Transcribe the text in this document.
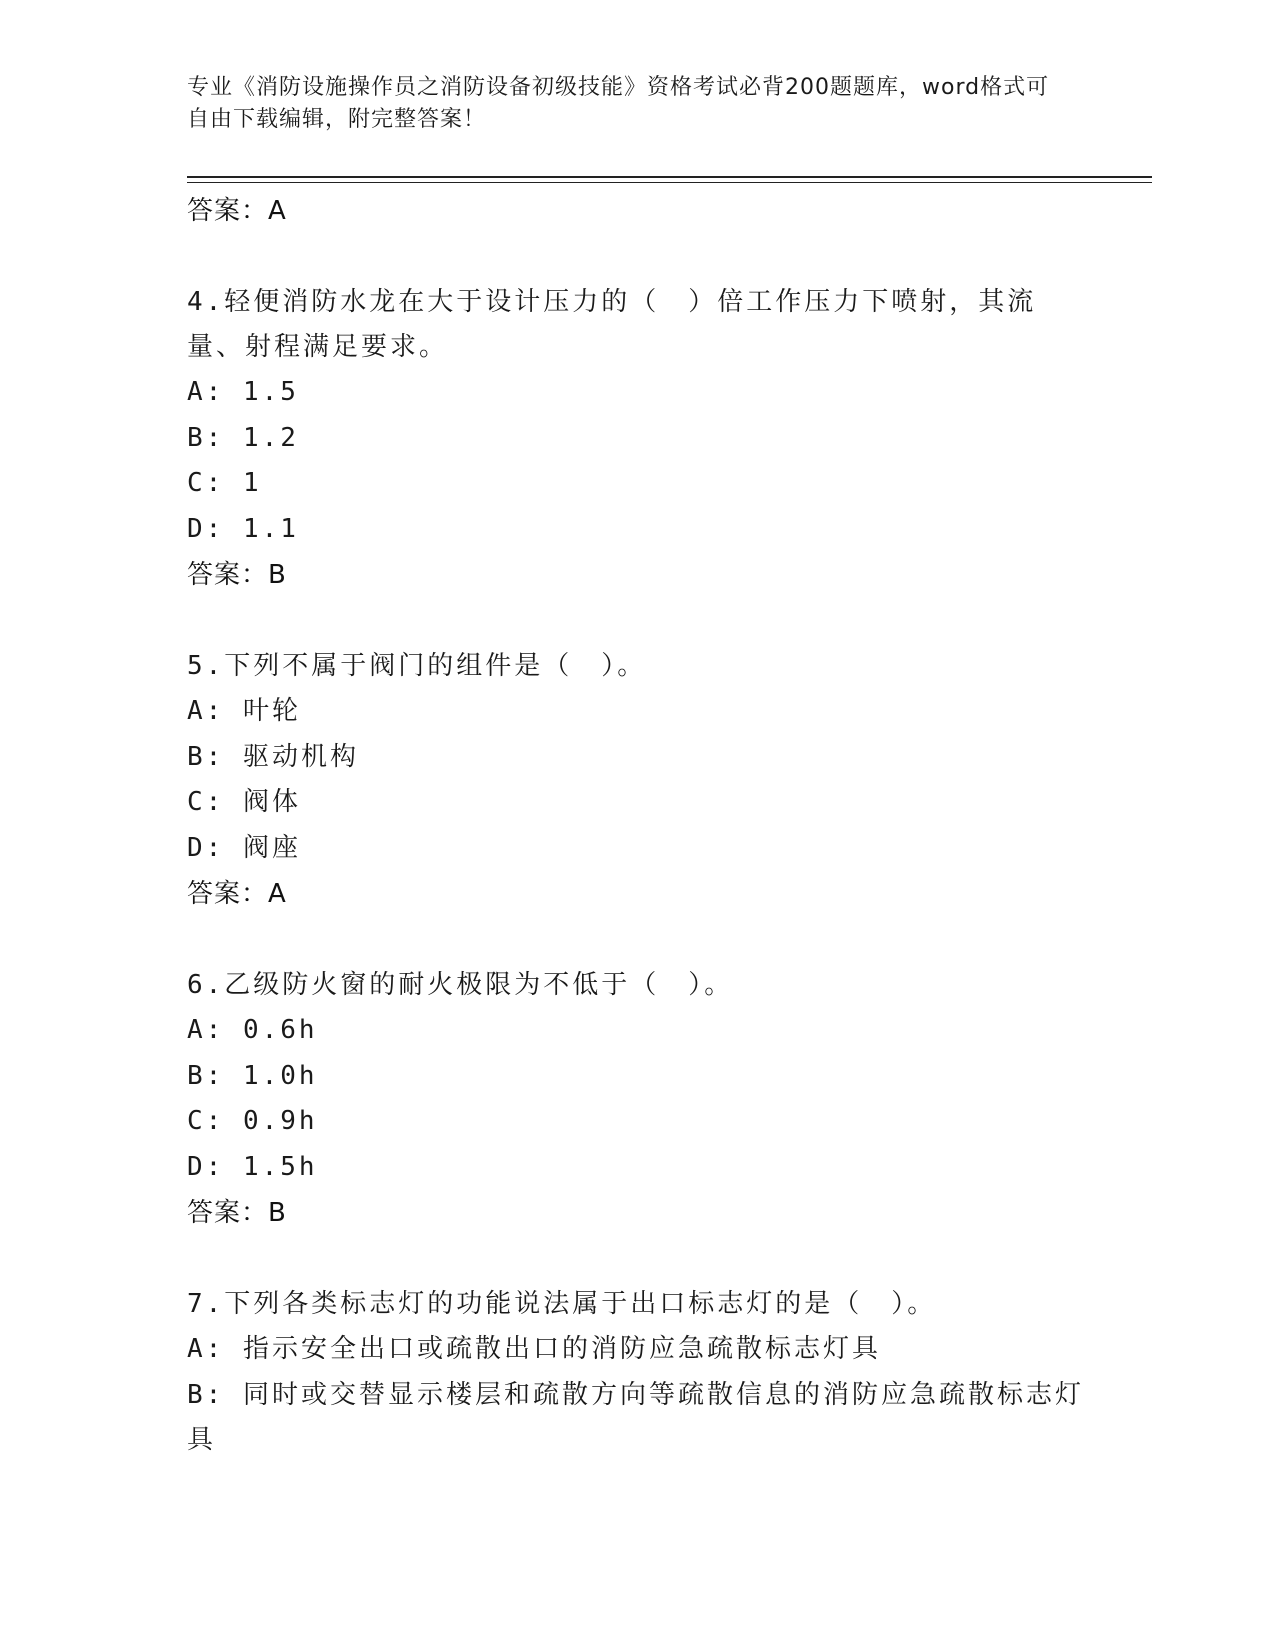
专业《消防设施操作员之消防设备初级技能》资格考试必背200题题库，word格式可自由下载编辑，附完整答案！
答案：A
4.轻便消防水龙在大于设计压力的（　）倍工作压力下喷射，其流量、射程满足要求。
A: 1.5
B: 1.2
C: 1
D: 1.1
答案：B
5.下列不属于阀门的组件是（　）。
A: 叶轮
B: 驱动机构
C: 阀体
D: 阀座
答案：A
6.乙级防火窗的耐火极限为不低于（　）。
A: 0.6h
B: 1.0h
C: 0.9h
D: 1.5h
答案：B
7.下列各类标志灯的功能说法属于出口标志灯的是（　）。
A: 指示安全出口或疏散出口的消防应急疏散标志灯具
B: 同时或交替显示楼层和疏散方向等疏散信息的消防应急疏散标志灯具
